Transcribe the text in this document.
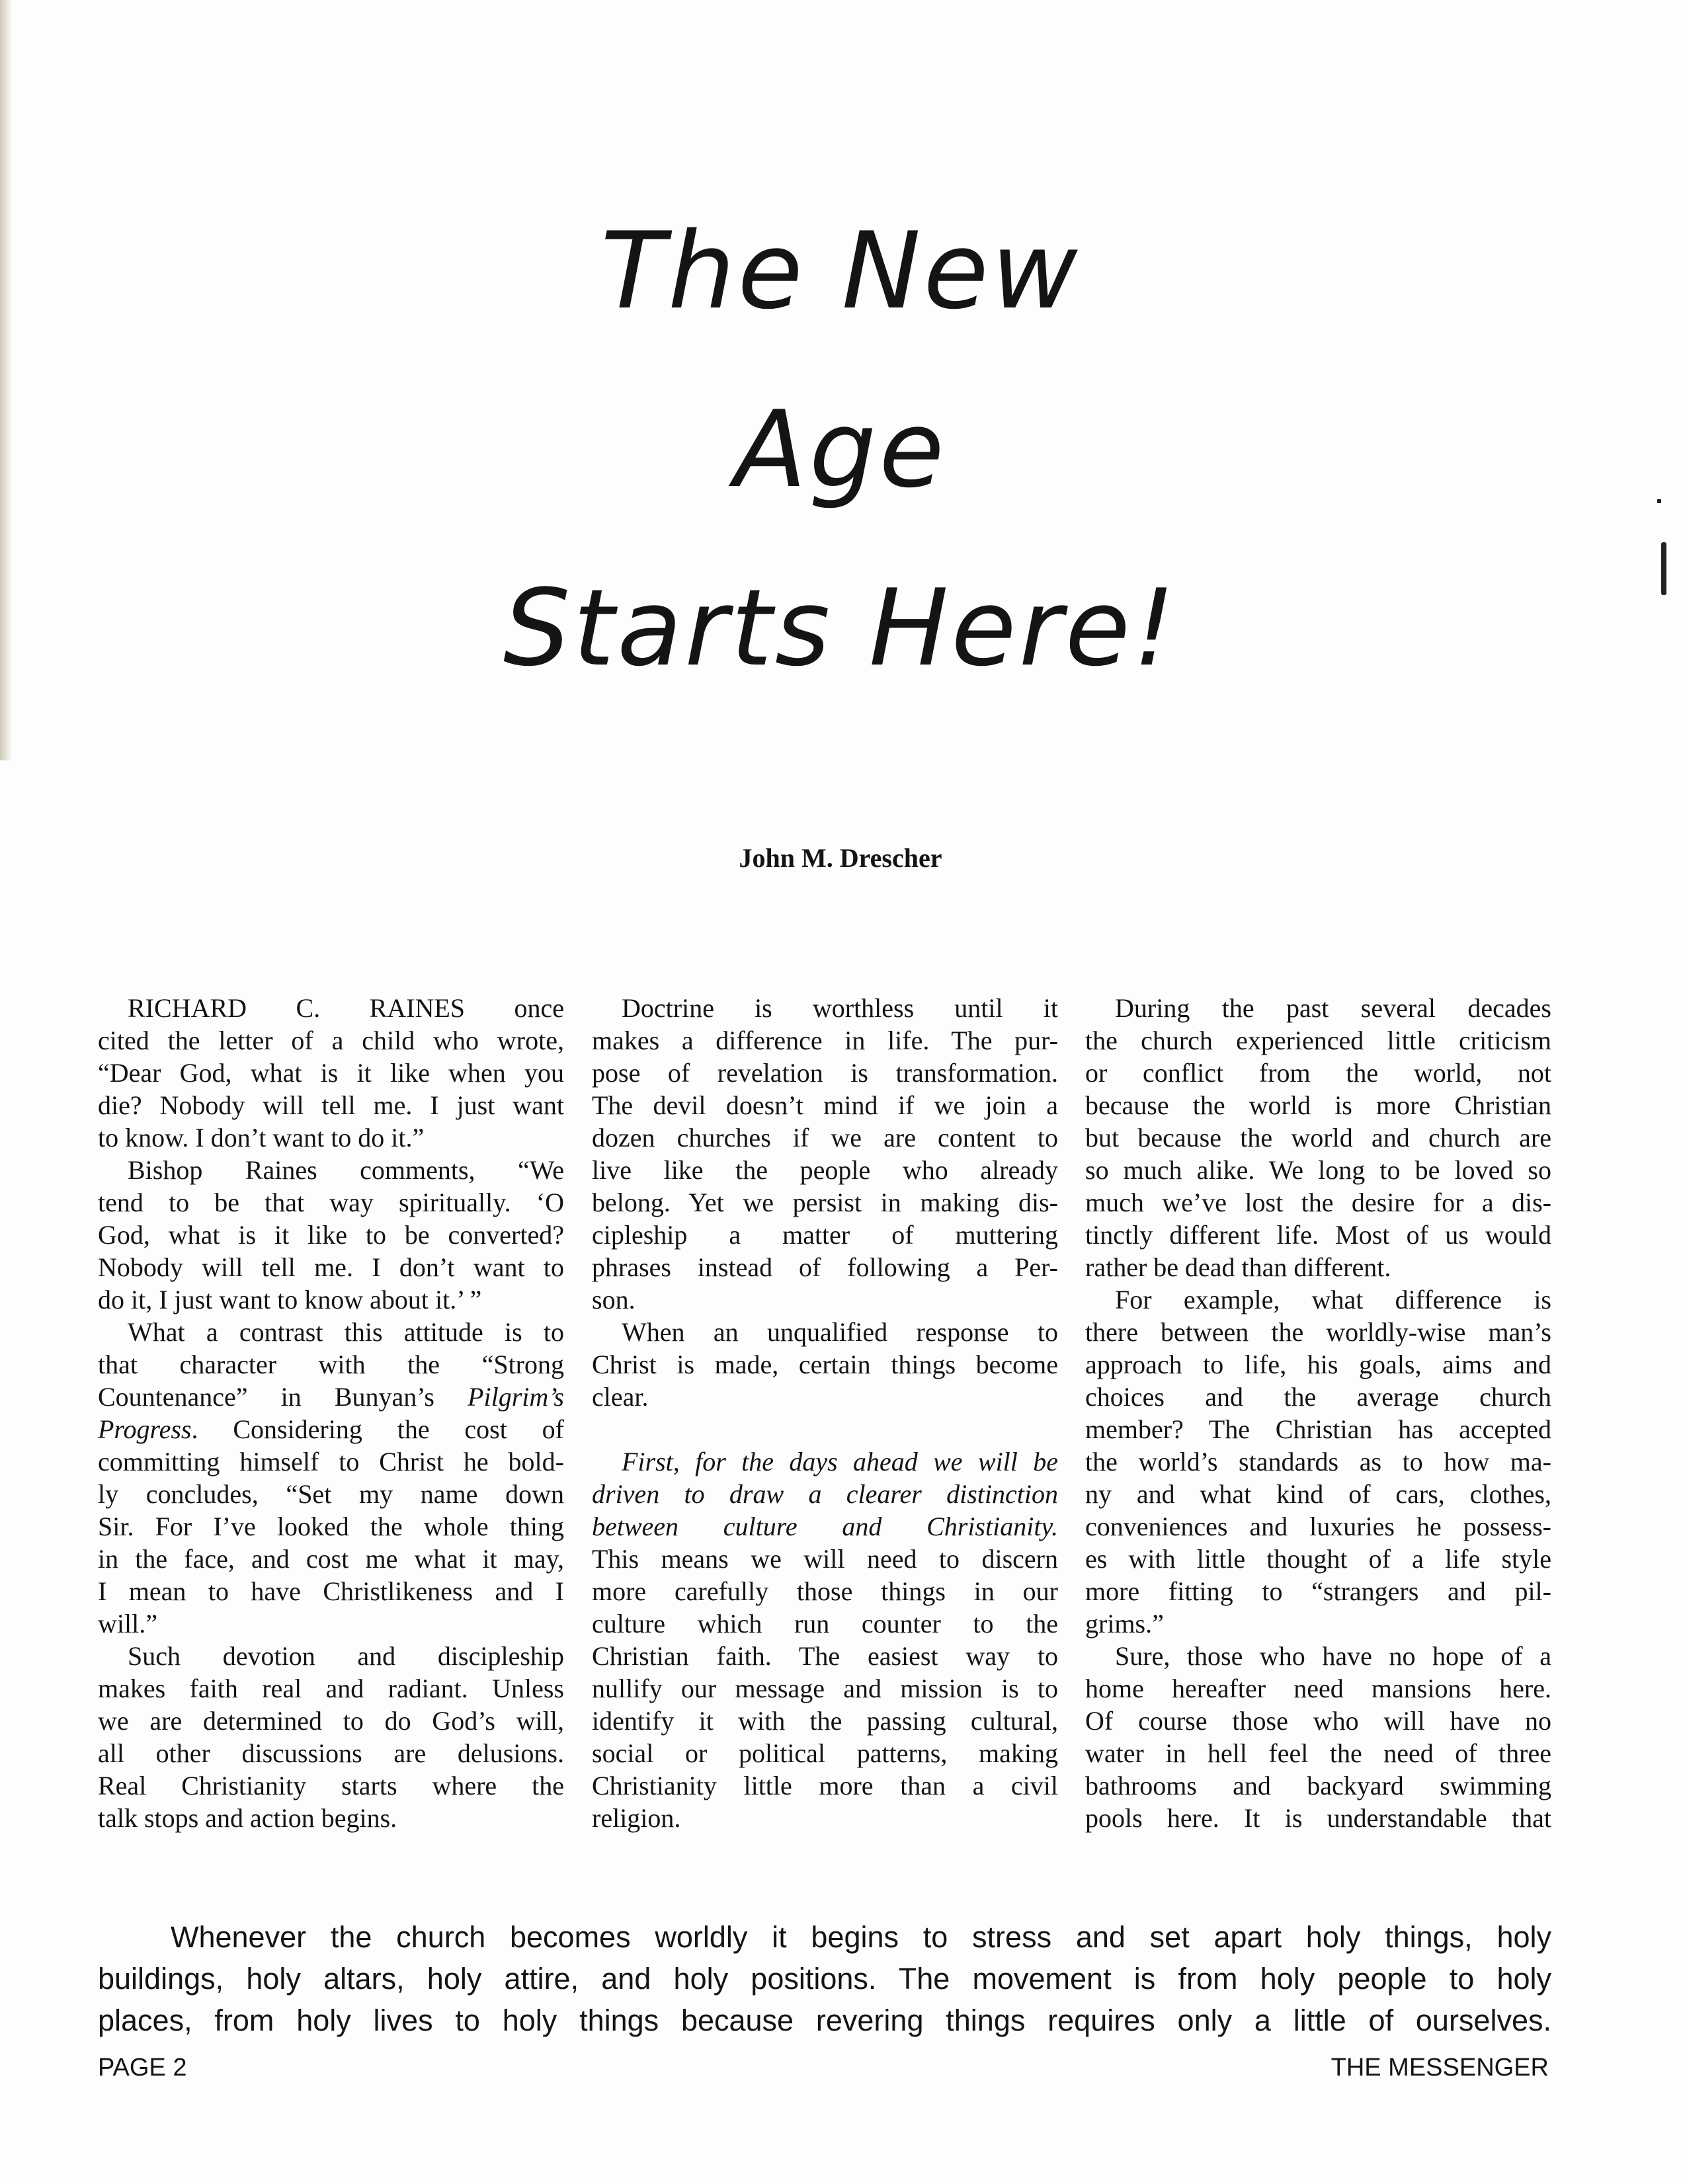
The New
Age
Starts Here!
John M. Drescher
RICHARD C. RAINES once
cited the letter of a child who wrote,
“Dear God, what is it like when you
die? Nobody will tell me. I just want
to know. I don’t want to do it.”
Bishop Raines comments, “We
tend to be that way spiritually. ‘O
God, what is it like to be converted?
Nobody will tell me. I don’t want to
do it, I just want to know about it.’ ”
What a contrast this attitude is to
that character with the “Strong
Countenance” in Bunyan’s Pilgrim’s
Progress. Considering the cost of
committing himself to Christ he bold-
ly concludes, “Set my name down
Sir. For I’ve looked the whole thing
in the face, and cost me what it may,
I mean to have Christlikeness and I
will.”
Such devotion and discipleship
makes faith real and radiant. Unless
we are determined to do God’s will,
all other discussions are delusions.
Real Christianity starts where the
talk stops and action begins.
Doctrine is worthless until it
makes a difference in life. The pur-
pose of revelation is transformation.
The devil doesn’t mind if we join a
dozen churches if we are content to
live like the people who already
belong. Yet we persist in making dis-
cipleship a matter of muttering
phrases instead of following a Per-
son.
When an unqualified response to
Christ is made, certain things become
clear.
First, for the days ahead we will be
driven to draw a clearer distinction
between culture and Christianity.
This means we will need to discern
more carefully those things in our
culture which run counter to the
Christian faith. The easiest way to
nullify our message and mission is to
identify it with the passing cultural,
social or political patterns, making
Christianity little more than a civil
religion.
During the past several decades
the church experienced little criticism
or conflict from the world, not
because the world is more Christian
but because the world and church are
so much alike. We long to be loved so
much we’ve lost the desire for a dis-
tinctly different life. Most of us would
rather be dead than different.
For example, what difference is
there between the worldly-wise man’s
approach to life, his goals, aims and
choices and the average church
member? The Christian has accepted
the world’s standards as to how ma-
ny and what kind of cars, clothes,
conveniences and luxuries he possess-
es with little thought of a life style
more fitting to “strangers and pil-
grims.”
Sure, those who have no hope of a
home hereafter need mansions here.
Of course those who will have no
water in hell feel the need of three
bathrooms and backyard swimming
pools here. It is understandable that
Whenever the church becomes worldly it begins to stress and set apart holy things, holy
buildings, holy altars, holy attire, and holy positions. The movement is from holy people to holy
places, from holy lives to holy things because revering things requires only a little of ourselves.
PAGE 2	THE MESSENGER
